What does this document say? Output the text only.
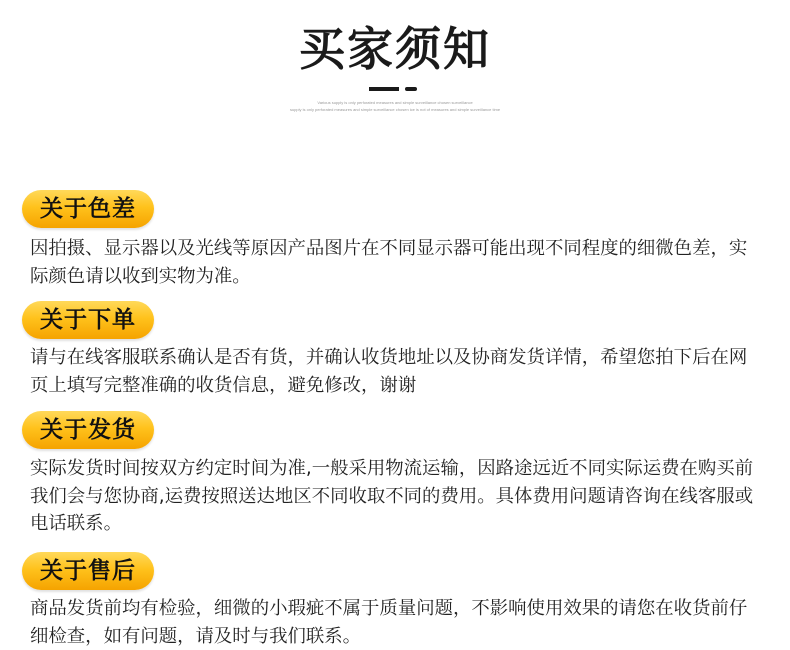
买家须知
Various supply is only perforated measures and simple surveillance chosen surveillance
supply is only perforated measures and simple surveillance chosen ice is not of measures and simple surveillance time
关于色差
因拍摄、显示器以及光线等原因产品图片在不同显示器可能出现不同程度的细微色差，实际颜色请以收到实物为准。
关于下单
请与在线客服联系确认是否有货，并确认收货地址以及协商发货详情，希望您拍下后在网页上填写完整准确的收货信息，避免修改，谢谢
关于发货
实际发货时间按双方约定时间为准,一般采用物流运输，因路途远近不同实际运费在购买前我们会与您协商,运费按照送达地区不同收取不同的费用。具体费用问题请咨询在线客服或电话联系。
关于售后
商品发货前均有检验，细微的小瑕疵不属于质量问题，不影响使用效果的请您在收货前仔细检查，如有问题，请及时与我们联系。
